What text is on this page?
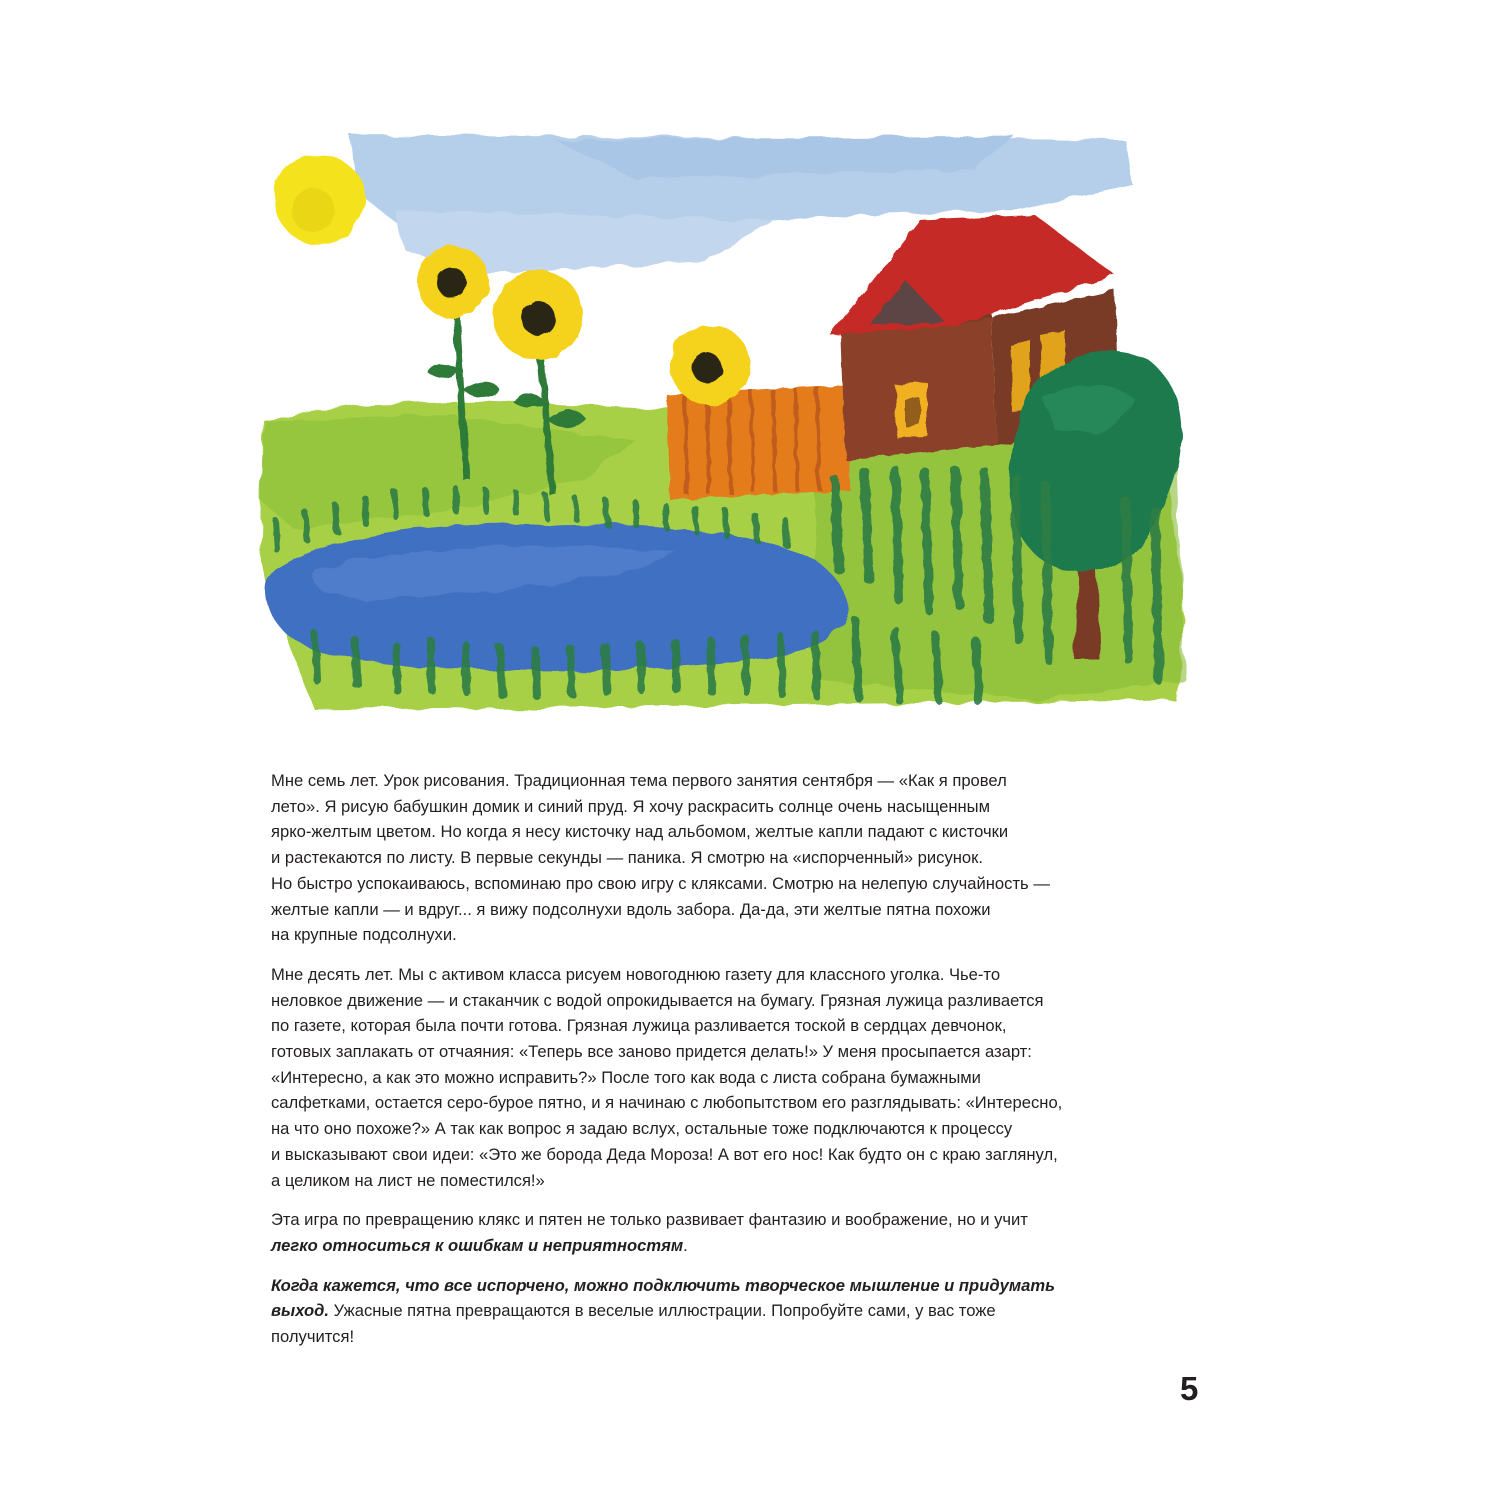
Мне семь лет. Урок рисования. Традиционная тема первого занятия сентября — «Как я провел
лето». Я рисую бабушкин домик и синий пруд. Я хочу раскрасить солнце очень насыщенным
ярко-желтым цветом. Но когда я несу кисточку над альбомом, желтые капли падают с кисточки
и растекаются по листу. В первые секунды — паника. Я смотрю на «испорченный» рисунок.
Но быстро успокаиваюсь, вспоминаю про свою игру с кляксами. Смотрю на нелепую случайность —
желтые капли — и вдруг... я вижу подсолнухи вдоль забора. Да-да, эти желтые пятна похожи
на крупные подсолнухи.

Мне десять лет. Мы с активом класса рисуем новогоднюю газету для классного уголка. Чье-то
неловкое движение — и стаканчик с водой опрокидывается на бумагу. Грязная лужица разливается
по газете, которая была почти готова. Грязная лужица разливается тоской в сердцах девчонок,
готовых заплакать от отчаяния: «Теперь все заново придется делать!» У меня просыпается азарт:
«Интересно, а как это можно исправить?» После того как вода с листа собрана бумажными
салфетками, остается серо-бурое пятно, и я начинаю с любопытством его разглядывать: «Интересно,
на что оно похоже?» А так как вопрос я задаю вслух, остальные тоже подключаются к процессу
и высказывают свои идеи: «Это же борода Деда Мороза! А вот его нос! Как будто он с краю заглянул,
а целиком на лист не поместился!»

Эта игра по превращению клякс и пятен не только развивает фантазию и воображение, но и учит
легко относиться к ошибкам и неприятностям.

Когда кажется, что все испорчено, можно подключить творческое мышление и придумать
выход. Ужасные пятна превращаются в веселые иллюстрации. Попробуйте сами, у вас тоже
получится!

5
